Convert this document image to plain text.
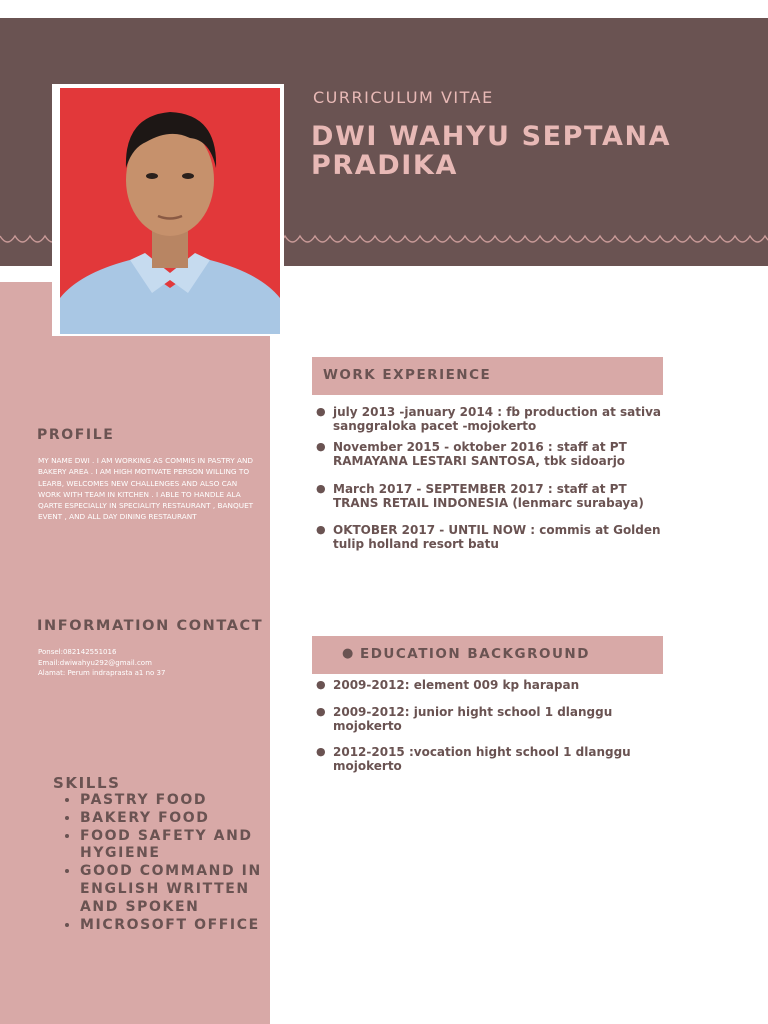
CURRICULUM VITAE
DWI WAHYU SEPTANA PRADIKA
PROFILE
MY NAME DWI . I AM WORKING AS COMMIS IN PASTRY AND BAKERY AREA . I AM HIGH MOTIVATE PERSON WILLING TO LEARB, WELCOMES NEW CHALLENGES AND ALSO CAN WORK WITH TEAM IN KITCHEN . I ABLE TO HANDLE ALA QARTE ESPECIALLY IN SPECIALITY RESTAURANT , BANQUET EVENT , AND ALL DAY DINING RESTAURANT
INFORMATION CONTACT
Ponsel:082142551016
Email:dwiwahyu292@gmail.com
Alamat: Perum indraprasta a1 no 37
SKILLS
• PASTRY FOOD
• BAKERY FOOD
• FOOD SAFETY AND HYGIENE
• GOOD COMMAND IN ENGLISH WRITTEN AND SPOKEN
• MICROSOFT OFFICE
WORK EXPERIENCE
● july 2013 -january 2014 : fb production at sativa sanggraloka pacet -mojokerto
● November 2015 - oktober 2016 : staff at PT RAMAYANA LESTARI SANTOSA, tbk sidoarjo
● March 2017 - SEPTEMBER 2017 : staff at PT TRANS RETAIL INDONESIA (lenmarc surabaya)
● OKTOBER 2017 - UNTIL NOW : commis at Golden tulip holland resort batu
● EDUCATION BACKGROUND
● 2009-2012: element 009 kp harapan
● 2009-2012: junior hight school 1 dlanggu mojokerto
● 2012-2015 :vocation hight school 1 dlanggu mojokerto
